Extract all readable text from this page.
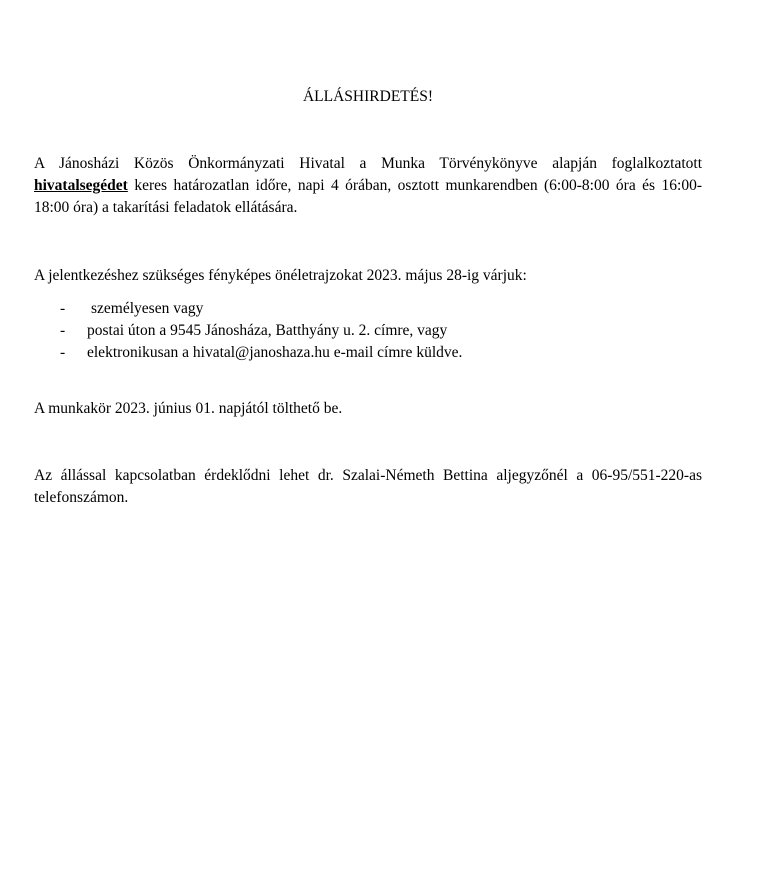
ÁLLÁSHIRDETÉS!

A Jánosházi Közös Önkormányzati Hivatal a Munka Törvénykönyve alapján foglalkoztatott hivatalsegédet keres határozatlan időre, napi 4 órában, osztott munkarendben (6:00-8:00 óra és 16:00-18:00 óra) a takarítási feladatok ellátására.

A jelentkezéshez szükséges fényképes önéletrajzokat 2023. május 28-ig várjuk:

- személyesen vagy
- postai úton a 9545 Jánosháza, Batthyány u. 2. címre, vagy
- elektronikusan a hivatal@janoshaza.hu e-mail címre küldve.

A munkakör 2023. június 01. napjától tölthető be.

Az állással kapcsolatban érdeklődni lehet dr. Szalai-Németh Bettina aljegyzőnél a 06-95/551-220-as telefonszámon.
